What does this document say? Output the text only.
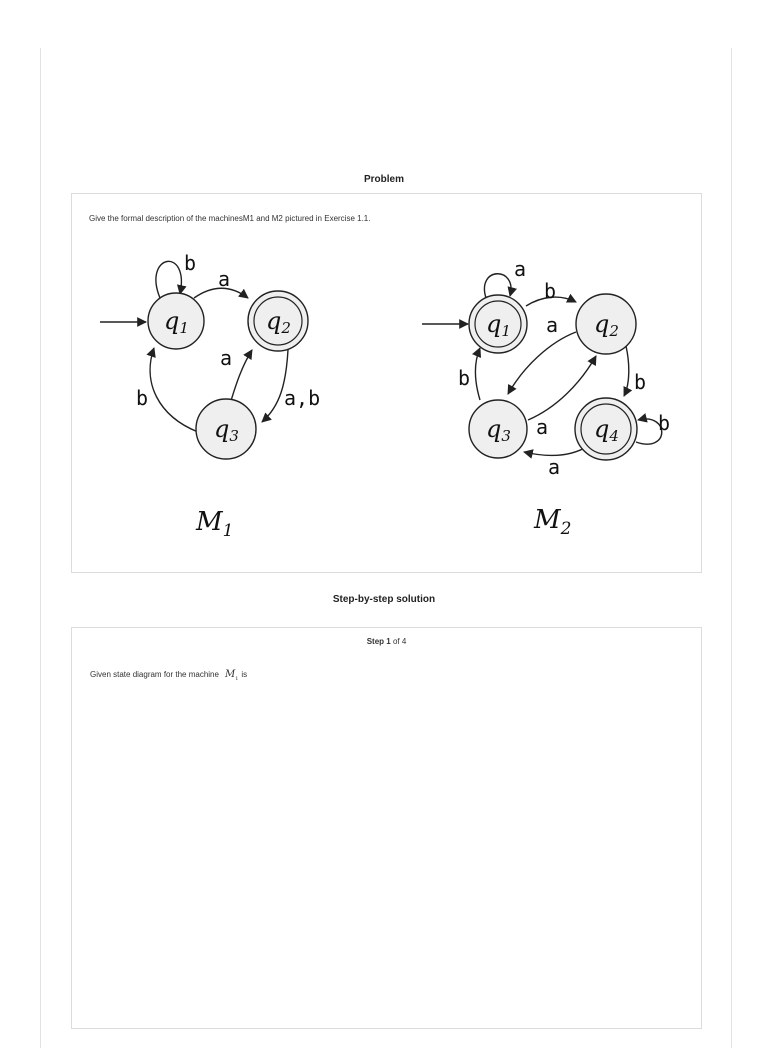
Problem
Give the formal description of the machinesM1 and M2 pictured in Exercise 1.1.
b
a
a
a,b
b
q1	q2
q3
$M_1$
a
b
a
b
a
b
b
a
q1	q2
q3	q4
$M_2$
Step-by-step solution
Step 1 of 4
Given state diagram for the machine $M_1$ is
